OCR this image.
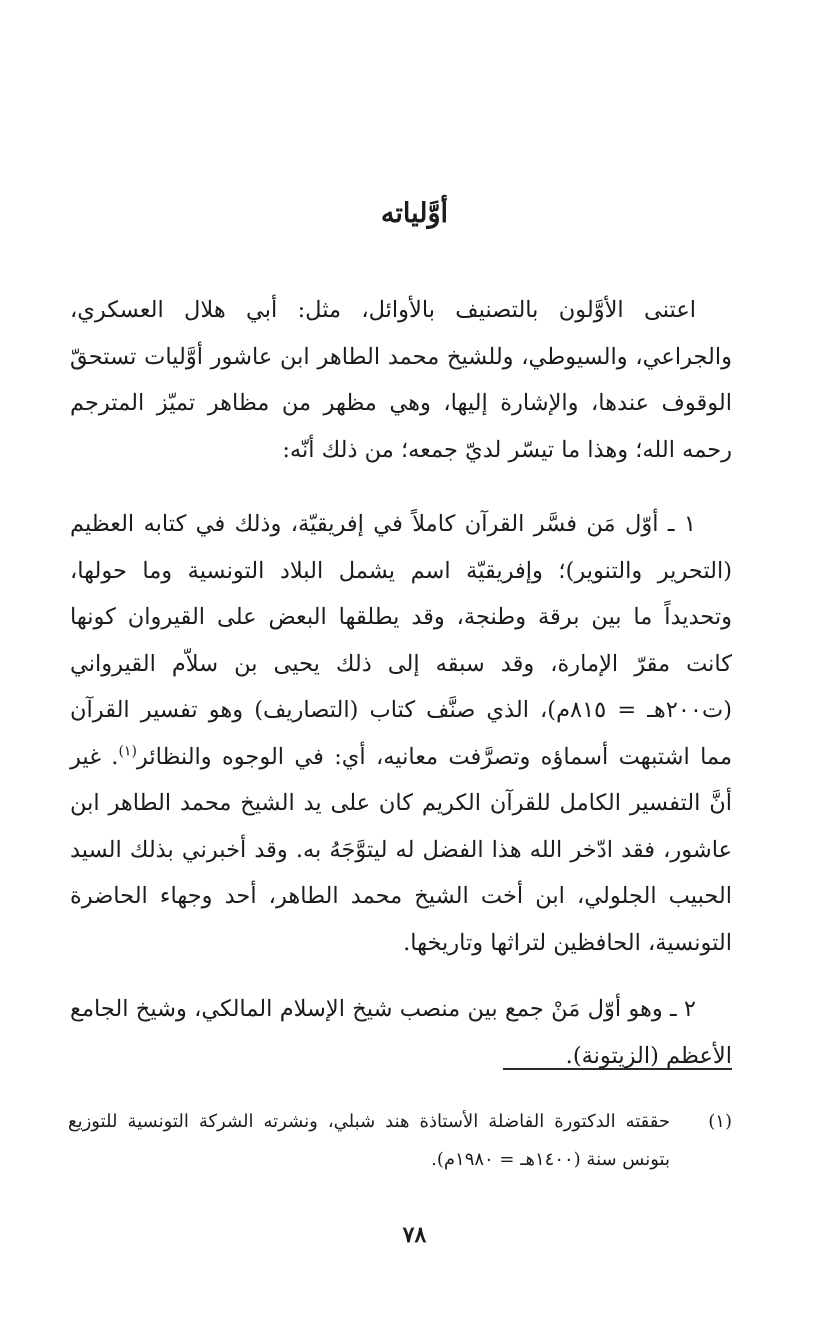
أوَّلياته

اعتنى الأوَّلون بالتصنيف بالأوائل، مثل: أبي هلال العسكري، والجراعي، والسيوطي، وللشيخ محمد الطاهر ابن عاشور أوَّليات تستحقّ الوقوف عندها، والإشارة إليها، وهي مظهر من مظاهر تميّز المترجم رحمه الله؛ وهذا ما تيسّر لديّ جمعه؛ من ذلك أنّه:

١ ـ أوّل مَن فسَّر القرآن كاملاً في إفريقيّة، وذلك في كتابه العظيم (التحرير والتنوير)؛ وإفريقيّة اسم يشمل البلاد التونسية وما حولها، وتحديداً ما بين برقة وطنجة، وقد يطلقها البعض على القيروان كونها كانت مقرّ الإمارة، وقد سبقه إلى ذلك يحيى بن سلاّم القيرواني (ت٢٠٠هـ = ٨١٥م)، الذي صنَّف كتاب (التصاريف) وهو تفسير القرآن مما اشتبهت أسماؤه وتصرَّفت معانيه، أي: في الوجوه والنظائر$^{(١)}$. غير أنَّ التفسير الكامل للقرآن الكريم كان على يد الشيخ محمد الطاهر ابن عاشور، فقد ادّخر الله هذا الفضل له ليتوَّجَهُ به. وقد أخبرني بذلك السيد الحبيب الجلولي، ابن أخت الشيخ محمد الطاهر، أحد وجهاء الحاضرة التونسية، الحافظين لتراثها وتاريخها.

٢ ـ وهو أوّل مَنْ جمع بين منصب شيخ الإسلام المالكي، وشيخ الجامع الأعظم (الزيتونة).

(١)
حققته الدكتورة الفاضلة الأستاذة هند شبلي، ونشرته الشركة التونسية للتوزيع بتونس سنة (١٤٠٠هـ = ١٩٨٠م).
٧٨
